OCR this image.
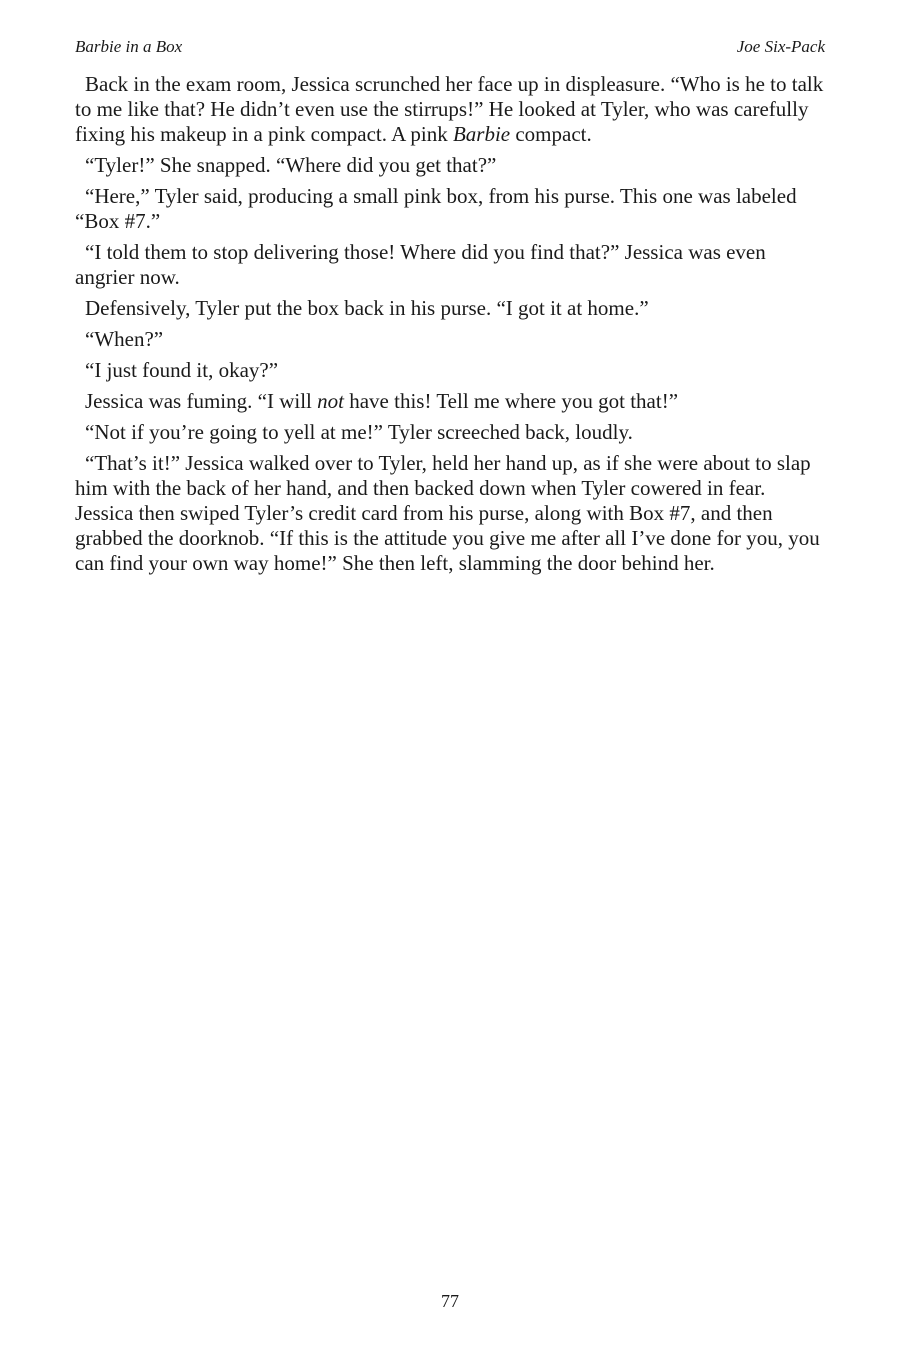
Barbie in a Box	Joe Six-Pack

Back in the exam room, Jessica scrunched her face up in displeasure. “Who is he to talk to me like that? He didn’t even use the stirrups!” He looked at Tyler, who was carefully fixing his makeup in a pink compact. A pink Barbie compact.

“Tyler!” She snapped. “Where did you get that?”

“Here,” Tyler said, producing a small pink box, from his purse. This one was labeled “Box #7.”

“I told them to stop delivering those! Where did you find that?” Jessica was even angrier now.

Defensively, Tyler put the box back in his purse. “I got it at home.”

“When?”

“I just found it, okay?”

Jessica was fuming. “I will not have this! Tell me where you got that!”

“Not if you’re going to yell at me!” Tyler screeched back, loudly.

“That’s it!” Jessica walked over to Tyler, held her hand up, as if she were about to slap him with the back of her hand, and then backed down when Tyler cowered in fear. Jessica then swiped Tyler’s credit card from his purse, along with Box #7, and then grabbed the doorknob. “If this is the attitude you give me after all I’ve done for you, you can find your own way home!” She then left, slamming the door behind her.

77
